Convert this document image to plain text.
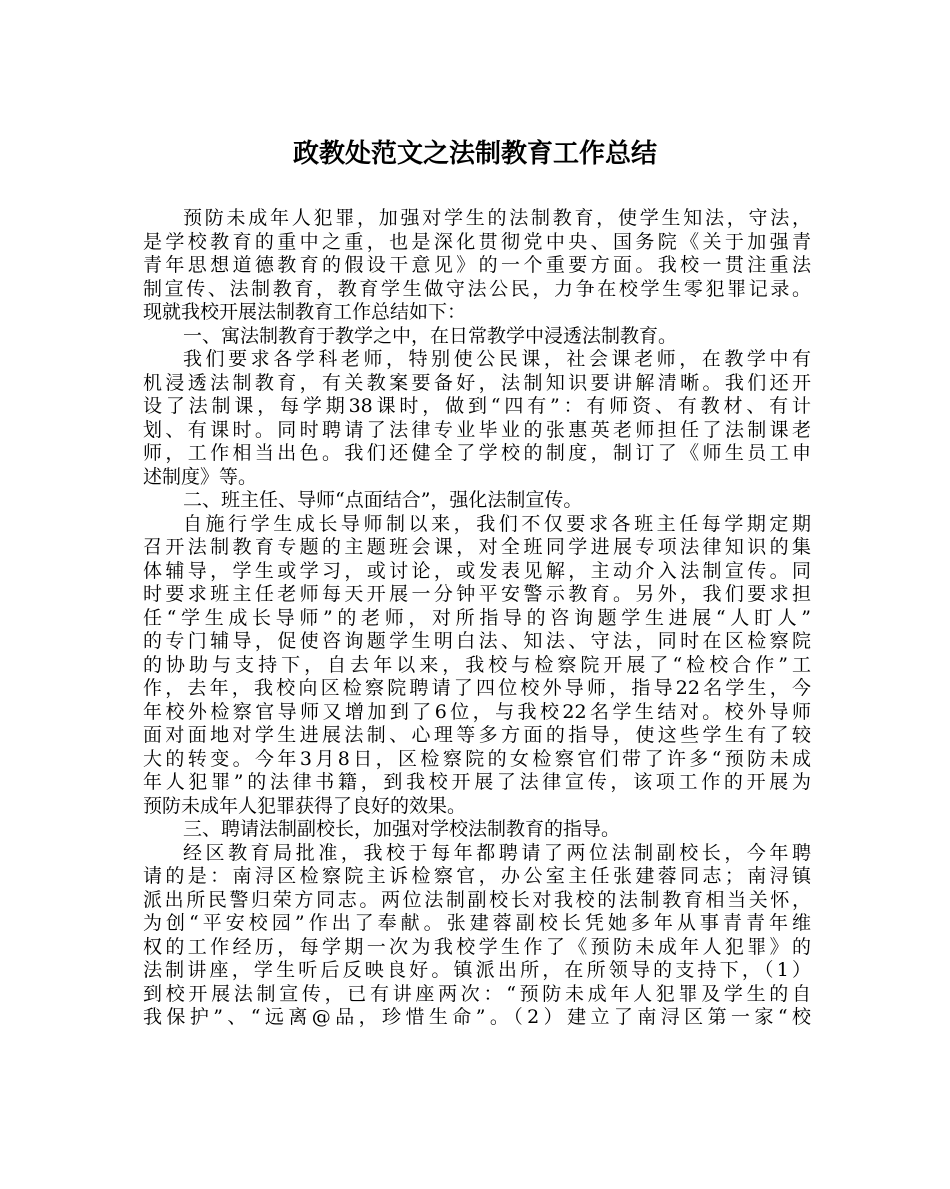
政教处范文之法制教育工作总结
预防未成年人犯罪，加强对学生的法制教育，使学生知法，守法，
是学校教育的重中之重，也是深化贯彻党中央、国务院《关于加强青
青年思想道德教育的假设干意见》的一个重要方面。我校一贯注重法
制宣传、法制教育，教育学生做守法公民，力争在校学生零犯罪记录。
现就我校开展法制教育工作总结如下：
一、寓法制教育于教学之中，在日常教学中浸透法制教育。
我们要求各学科老师，特别使公民课，社会课老师，在教学中有
机浸透法制教育，有关教案要备好，法制知识要讲解清晰。我们还开
设了法制课，每学期38课时，做到“四有”：有师资、有教材、有计
划、有课时。同时聘请了法律专业毕业的张惠英老师担任了法制课老
师，工作相当出色。我们还健全了学校的制度，制订了《师生员工申
述制度》等。
二、班主任、导师“点面结合”，强化法制宣传。
自施行学生成长导师制以来，我们不仅要求各班主任每学期定期
召开法制教育专题的主题班会课，对全班同学进展专项法律知识的集
体辅导，学生或学习，或讨论，或发表见解，主动介入法制宣传。同
时要求班主任老师每天开展一分钟平安警示教育。另外，我们要求担
任“学生成长导师”的老师，对所指导的咨询题学生进展“人盯人”
的专门辅导，促使咨询题学生明白法、知法、守法，同时在区检察院
的协助与支持下，自去年以来，我校与检察院开展了“检校合作”工
作，去年，我校向区检察院聘请了四位校外导师，指导22名学生，今
年校外检察官导师又增加到了6位，与我校22名学生结对。校外导师
面对面地对学生进展法制、心理等多方面的指导，使这些学生有了较
大的转变。今年3月8日，区检察院的女检察官们带了许多“预防未成
年人犯罪”的法律书籍，到我校开展了法律宣传，该项工作的开展为
预防未成年人犯罪获得了良好的效果。
三、聘请法制副校长，加强对学校法制教育的指导。
经区教育局批准，我校于每年都聘请了两位法制副校长，今年聘
请的是：南浔区检察院主诉检察官，办公室主任张建蓉同志；南浔镇
派出所民警归荣方同志。两位法制副校长对我校的法制教育相当关怀，
为创“平安校园”作出了奉献。张建蓉副校长凭她多年从事青青年维
权的工作经历，每学期一次为我校学生作了《预防未成年人犯罪》的
法制讲座，学生听后反映良好。镇派出所，在所领导的支持下，（1）
到校开展法制宣传，已有讲座两次：“预防未成年人犯罪及学生的自
我保护”、“远离@品，珍惜生命”。（2）建立了南浔区第一家“校
